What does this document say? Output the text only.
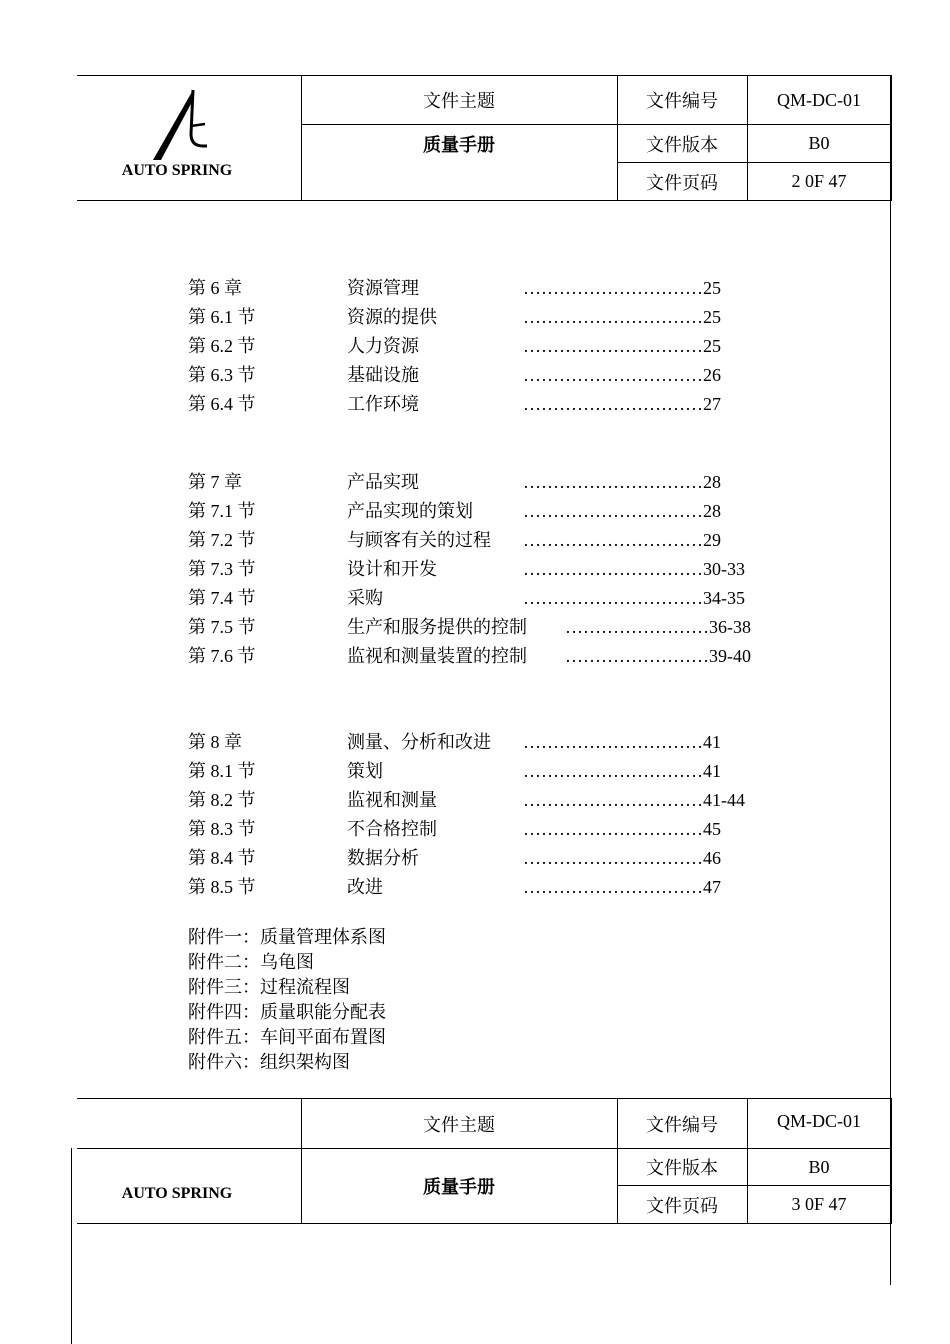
AUTO SPRING	文件主题	文件编号	QM-DC-01
	质量手册	文件版本	B0
		文件页码	2 0F 47
第 6 章	资源管理	…………………………25
第 6.1 节	资源的提供	…………………………25
第 6.2 节	人力资源	…………………………25
第 6.3 节	基础设施	…………………………26
第 6.4 节	工作环境	…………………………27
第 7 章	产品实现	…………………………28
第 7.1 节	产品实现的策划	…………………………28
第 7.2 节	与顾客有关的过程 …………………………29
第 7.3 节	设计和开发	…………………………30-33
第 7.4 节	采购	…………………………34-35
第 7.5 节	生产和服务提供的控制 ……………………36-38
第 7.6 节	监视和测量装置的控制 ……………………39-40
第 8 章	测量、分析和改进 …………………………41
第 8.1 节	策划	…………………………41
第 8.2 节	监视和测量	…………………………41-44
第 8.3 节	不合格控制	…………………………45
第 8.4 节	数据分析	…………………………46
第 8.5 节	改进	…………………………47
附件一：质量管理体系图
附件二：乌龟图
附件三：过程流程图
附件四：质量职能分配表
附件五：车间平面布置图
附件六：组织架构图
	文件主题	文件编号	QM-DC-01

AUTO SPRING	质量手册	文件版本	B0
		文件页码	3 0F 47
